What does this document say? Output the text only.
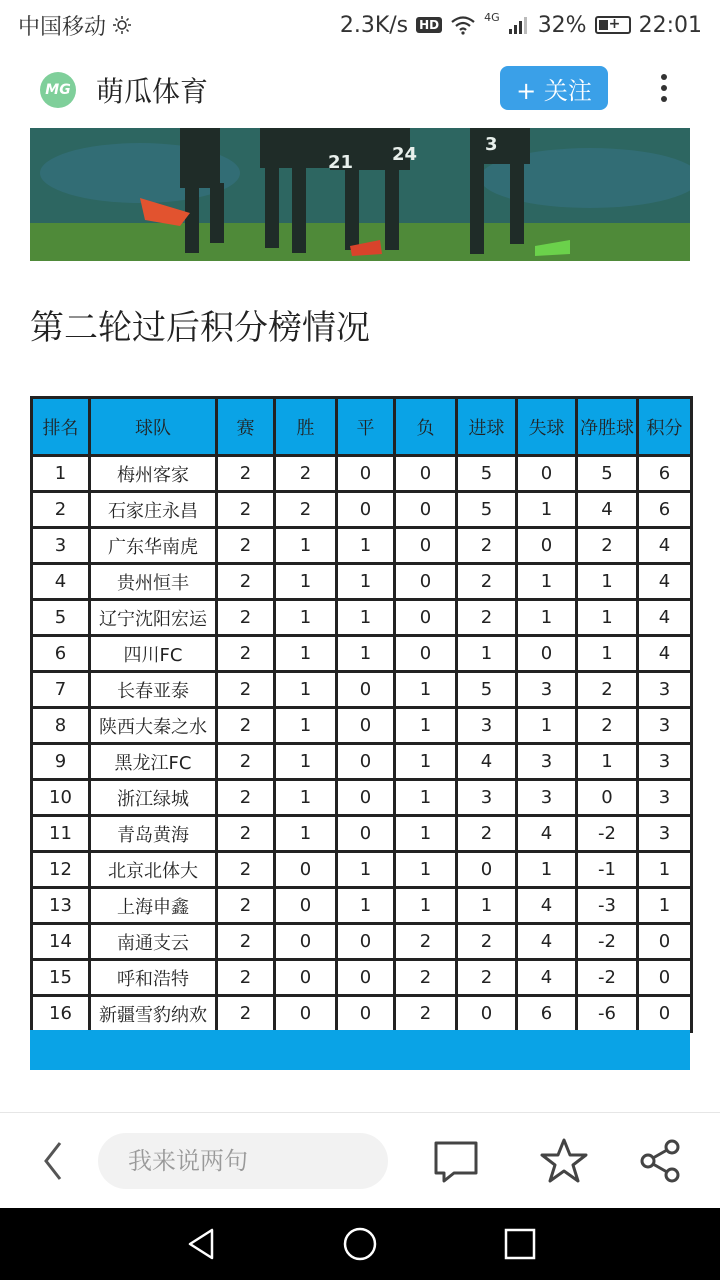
中国移动	2.3K/s HD
4G 32% + 22:01
MG 萌瓜体育	+ 关注
21 24	3
第二轮过后积分榜情况
排名	球队	赛	胜	平	负	进球	失球	净胜球	积分
1	梅州客家	2	2	0	0	5	0	5	6
2	石家庄永昌	2	2	0	0	5	1	4	6
3	广东华南虎	2	1	1	0	2	0	2	4
4	贵州恒丰	2	1	1	0	2	1	1	4
5	辽宁沈阳宏运	2	1	1	0	2	1	1	4
6	四川FC	2	1	1	0	1	0	1	4
7	长春亚泰	2	1	0	1	5	3	2	3
8	陕西大秦之水	2	1	0	1	3	1	2	3
9	黑龙江FC	2	1	0	1	4	3	1	3
10	浙江绿城	2	1	0	1	3	3	0	3
11	青岛黄海	2	1	0	1	2	4	-2	3
12	北京北体大	2	0	1	1	0	1	-1	1
13	上海申鑫	2	0	1	1	1	4	-3	1
14	南通支云	2	0	0	2	2	4	-2	0
15	呼和浩特	2	0	0	2	2	4	-2	0
16	新疆雪豹纳欢	2	0	0	2	0	6	-6	0
我来说两句
